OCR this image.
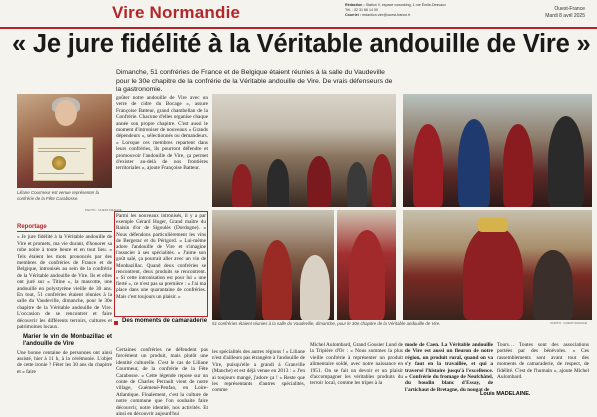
Vire Normandie	Rédaction : Station V, espace coworking, 1 rue Émile-Desvaux
Tél. : 02 31 66 14 00
Courriel : redaction.vire@ouest-france.fr
Ouest-France
Mardi 8 avril 2025
« Je jure fidélité à la Véritable andouille de Vire »
Dimanche, 51 confréries de France et de Belgique étaient réunies à la salle du Vaudeville pour le 30e chapitre de la confrérie de la Véritable andouille de Vire. De vrais défenseurs de la gastronomie.
Liliane Courmeur est venue représenter la confrérie de la Fête Carabosse.
PHOTO : OUEST-FRANCE
Reportage
« Je jure fidélité à la Véritable andouille de Vire et promets, ma vie durant, d'honorer sa robe noire à toute heure et en tout lieu. » Tels étaient les mots prononcés par des membres de confréries de France et de Belgique, intronisés au sein de la confrérie de la Véritable andouille de Vire. Ils et elles ont juré sur « Titine », la mascotte, une andouille en polystyrène vieille de 30 ans. En tout, 51 confréries étaient réunies à la salle du Vaudeville, dimanche, pour le 30e chapitre de la Véritable andouille de Vire. L'occasion de se rencontrer et faire découvrir les différents terroirs, cultures et patrimoines locaux.
Marier le vin de Monbazillac et l'andouille de Vire
Une bonne centaine de personnes ont ainsi assisté, hier à 11 h, à la cérémonie. L'objet de cette ironie ? Fêter les 30 ans du chapitre et « faire
goûter notre andouille de Vire avec un verre de cidre du Bocage », assure Françoise Batteur, grand chambellan de la Confrérie. Chacune d'elles organise chaque année son propre chapitre. C'est aussi le moment d'introniser de nouveaux « Grands dépendeurs », sélectionnés ou demandeurs. « Lorsque ces membres repartent dans leurs confréries, ils pourront défendre et promouvoir l'andouille de Vire, ça permet d'exister au-delà de nos frontières territoriales », ajoute Françoise Batteur.
Parmi les nouveaux intronisés, il y a par exemple Gérard Huger, Grand maître du Raisin d'or de Sigoulès (Dordogne). « Nous défendons particulièrement les vins de Bergerac et du Périgord. » Lui-même adore l'andouille de Vire et s'imagine l'associer à ses spécialités. « J'aime son goût salé, ça pourrait aller avec un vin de Monbazillac. Quand deux confréries se rencontrent, deux produits se rencontrent. » Si cette intronisation est pour lui « une fierté », ce n'est pas sa première : « J'ai ma place dans une quarantaine de confréries. Mais c'est toujours un plaisir. »
Des moments de camaraderie
Certaines confréries ne défendent pas forcément un produit, mais plutôt une identité culturelle. C'est le cas de Liliane Courmeur, de la confrérie de la Fête Carabosse. « Cette légende repose sur un conte de Charles Perrault vient de notre village, Guémené-Penfao, en Loire-Atlantique. Finalement, c'est la culture de notre commune que l'on souhaite faire découvrir, notre identité, nos activités. Et ainsi en découvrir aujourd'hui
51 confréries étaient réunies à la salle du Vaudeville, dimanche, pour le 30e chapitre de la Véritable andouille de Vire.	PHOTO : OUEST-FRANCE
les spécialités des autres régions ! » Liliane n'est d'ailleurs pas étrangère à l'andouille de Vire, puisqu'elle a grandi à Granville (Manche) et est déjà venue en 2013 : « J'en ai toujours mangé, j'adore ça ! » Reste que les représentants d'autres spécialités, comme
Michel Aulombard, Grand Gousier Lund de la Tripière d'Or : « Nous sommes la plus vieille confrérie à représenter un produit alimentaire soldé, avec notre naissance en 1951. On se fait un devoir et un plaisir d'accompagner les véritables produits du terroir local, comme les tripes à la
mode de Caen. La Véritable andouille de Vire est aussi un fleuron de notre région, un produit rural, quand on va s'y faut en la travaillée, et qui a traversé l'histoire jusqu'à l'excellence. » Confrérie du fromage de Neufchâtel, du boudin blanc d'Essay, de l'artichaut de Bretagne, du nougat de
Tours… Toutes sont des associations portées par des bénévoles. « Ces rassemblements sont avant tout des moments de camaraderie, de respect, de fidélité. C'est de l'humain », ajoute Michel Aulombard.
Louis MADELAINE.
